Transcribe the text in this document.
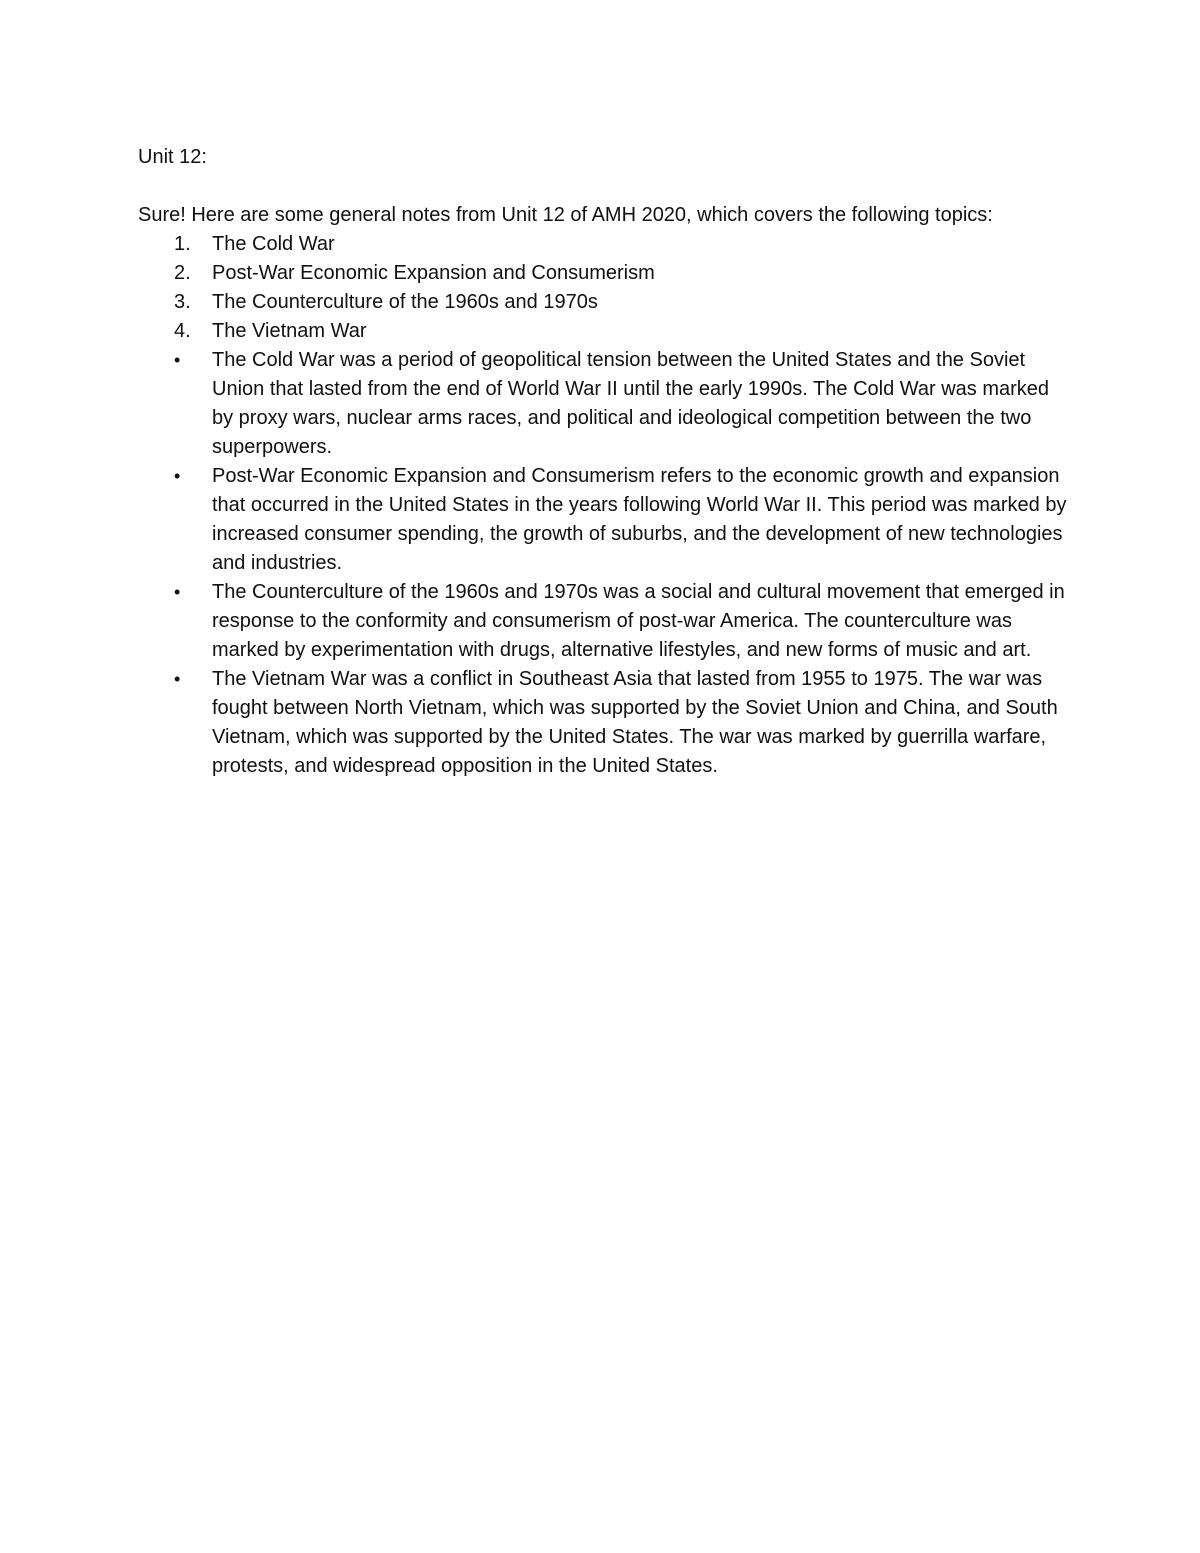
Unit 12:

Sure! Here are some general notes from Unit 12 of AMH 2020, which covers the following topics:

1.	The Cold War
2.	Post-War Economic Expansion and Consumerism
3.	The Counterculture of the 1960s and 1970s
4.	The Vietnam War
•	The Cold War was a period of geopolitical tension between the United States and the Soviet Union that lasted from the end of World War II until the early 1990s. The Cold War was marked by proxy wars, nuclear arms races, and political and ideological competition between the two superpowers.
•	Post-War Economic Expansion and Consumerism refers to the economic growth and expansion that occurred in the United States in the years following World War II. This period was marked by increased consumer spending, the growth of suburbs, and the development of new technologies and industries.
•	The Counterculture of the 1960s and 1970s was a social and cultural movement that emerged in response to the conformity and consumerism of post-war America. The counterculture was marked by experimentation with drugs, alternative lifestyles, and new forms of music and art.
•	The Vietnam War was a conflict in Southeast Asia that lasted from 1955 to 1975. The war was fought between North Vietnam, which was supported by the Soviet Union and China, and South Vietnam, which was supported by the United States. The war was marked by guerrilla warfare, protests, and widespread opposition in the United States.
